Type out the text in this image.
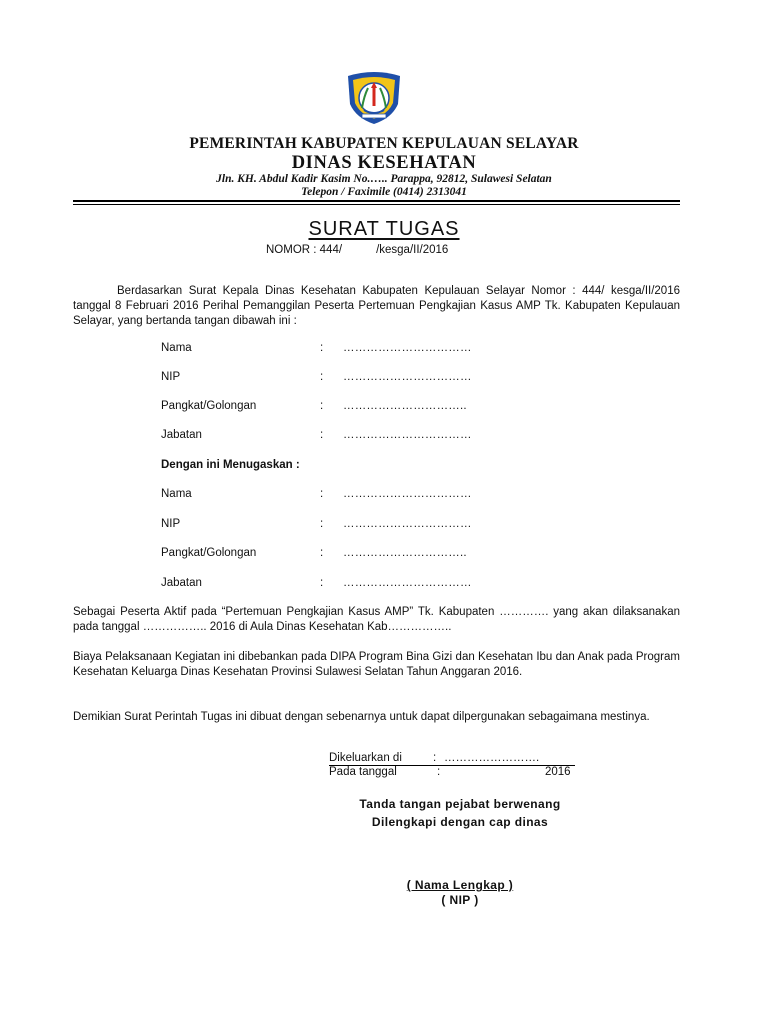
PEMERINTAH KABUPATEN KEPULAUAN SELAYAR
DINAS KESEHATAN
Jln. KH. Abdul Kadir Kasim No.….. Parappa, 92812, Sulawesi Selatan
Telepon / Faximile (0414) 2313041
SURAT TUGAS
NOMOR : 444/	/kesga/II/2016
Berdasarkan Surat Kepala Dinas Kesehatan Kabupaten Kepulauan Selayar Nomor : 444/ kesga/II/2016 tanggal 8 Februari 2016 Perihal Pemanggilan Peserta Pertemuan Pengkajian Kasus AMP Tk. Kabupaten Kepulauan Selayar, yang bertanda tangan dibawah ini :
Nama	: ……………………………
NIP	: ……………………………
Pangkat/Golongan	: …………………………..
Jabatan	: ……………………………
Dengan ini Menugaskan :
Nama	: ……………………………
NIP	: ……………………………
Pangkat/Golongan	: …………………………..
Jabatan	: ……………………………
Sebagai Peserta Aktif pada “Pertemuan Pengkajian Kasus AMP” Tk. Kabupaten …………. yang akan dilaksanakan pada tanggal …………….. 2016 di Aula Dinas Kesehatan Kab……………..
Biaya Pelaksanaan Kegiatan ini dibebankan pada DIPA Program Bina Gizi dan Kesehatan Ibu dan Anak pada Program Kesehatan Keluarga Dinas Kesehatan Provinsi Sulawesi Selatan Tahun Anggaran 2016.
Demikian Surat Perintah Tugas ini dibuat dengan sebenarnya untuk dapat dilpergunakan sebagaimana mestinya.
Dikeluarkan di	: …………………….
Pada tanggal	:	2016
Tanda tangan pejabat berwenang
Dilengkapi dengan cap dinas
( Nama Lengkap )
( NIP )
